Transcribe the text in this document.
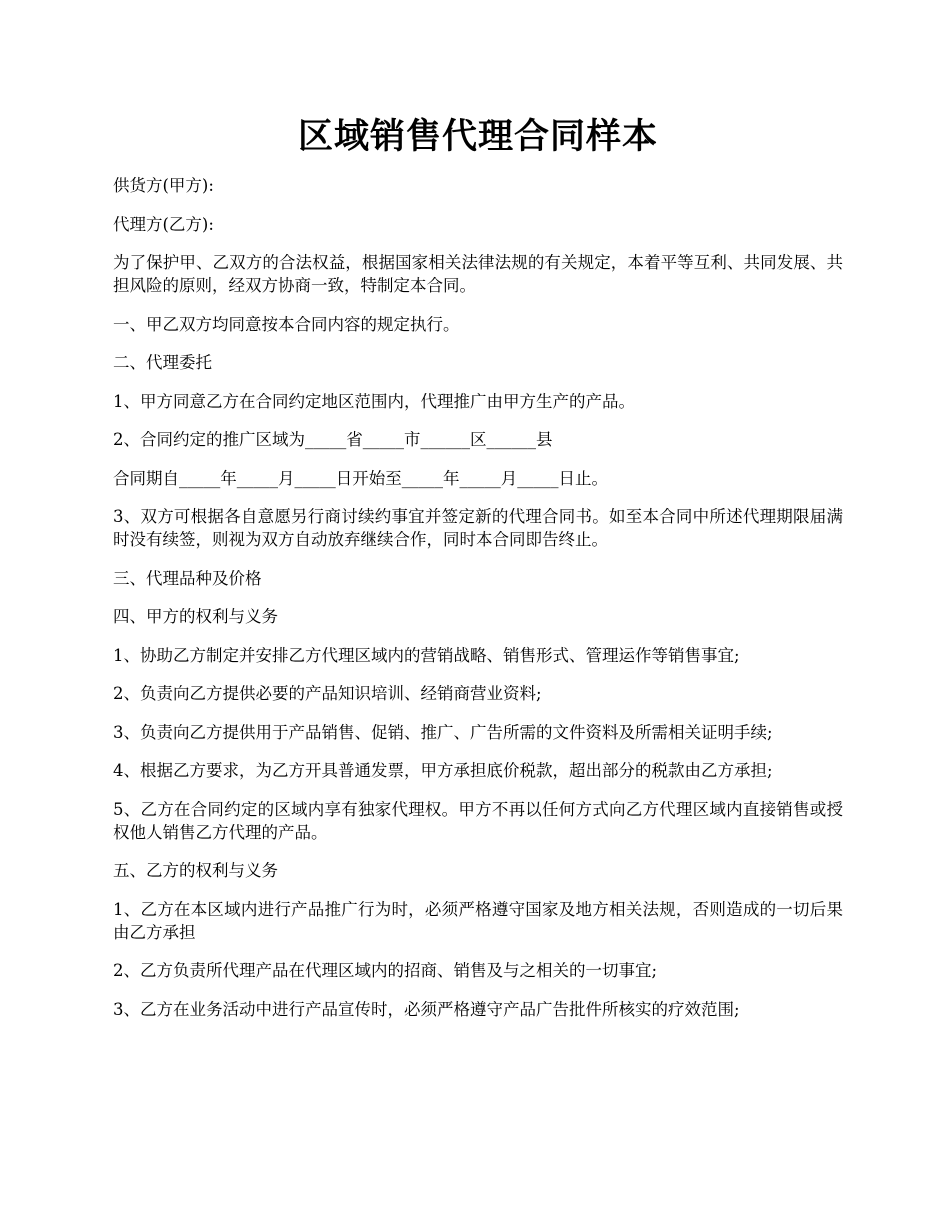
区域销售代理合同样本

供货方(甲方):

代理方(乙方):

为了保护甲、乙双方的合法权益，根据国家相关法律法规的有关规定，本着平等互利、共同发展、共担风险的原则，经双方协商一致，特制定本合同。

一、甲乙双方均同意按本合同内容的规定执行。

二、代理委托

1、甲方同意乙方在合同约定地区范围内，代理推广由甲方生产的产品。

2、合同约定的推广区域为_____省_____市______区______县

合同期自_____年_____月_____日开始至_____年_____月_____日止。

3、双方可根据各自意愿另行商讨续约事宜并签定新的代理合同书。如至本合同中所述代理期限届满时没有续签，则视为双方自动放弃继续合作，同时本合同即告终止。

三、代理品种及价格

四、甲方的权利与义务

1、协助乙方制定并安排乙方代理区域内的营销战略、销售形式、管理运作等销售事宜;

2、负责向乙方提供必要的产品知识培训、经销商营业资料;

3、负责向乙方提供用于产品销售、促销、推广、广告所需的文件资料及所需相关证明手续;

4、根据乙方要求，为乙方开具普通发票，甲方承担底价税款，超出部分的税款由乙方承担;

5、乙方在合同约定的区域内享有独家代理权。甲方不再以任何方式向乙方代理区域内直接销售或授权他人销售乙方代理的产品。

五、乙方的权利与义务

1、乙方在本区域内进行产品推广行为时，必须严格遵守国家及地方相关法规，否则造成的一切后果由乙方承担

2、乙方负责所代理产品在代理区域内的招商、销售及与之相关的一切事宜;

3、乙方在业务活动中进行产品宣传时，必须严格遵守产品广告批件所核实的疗效范围;
